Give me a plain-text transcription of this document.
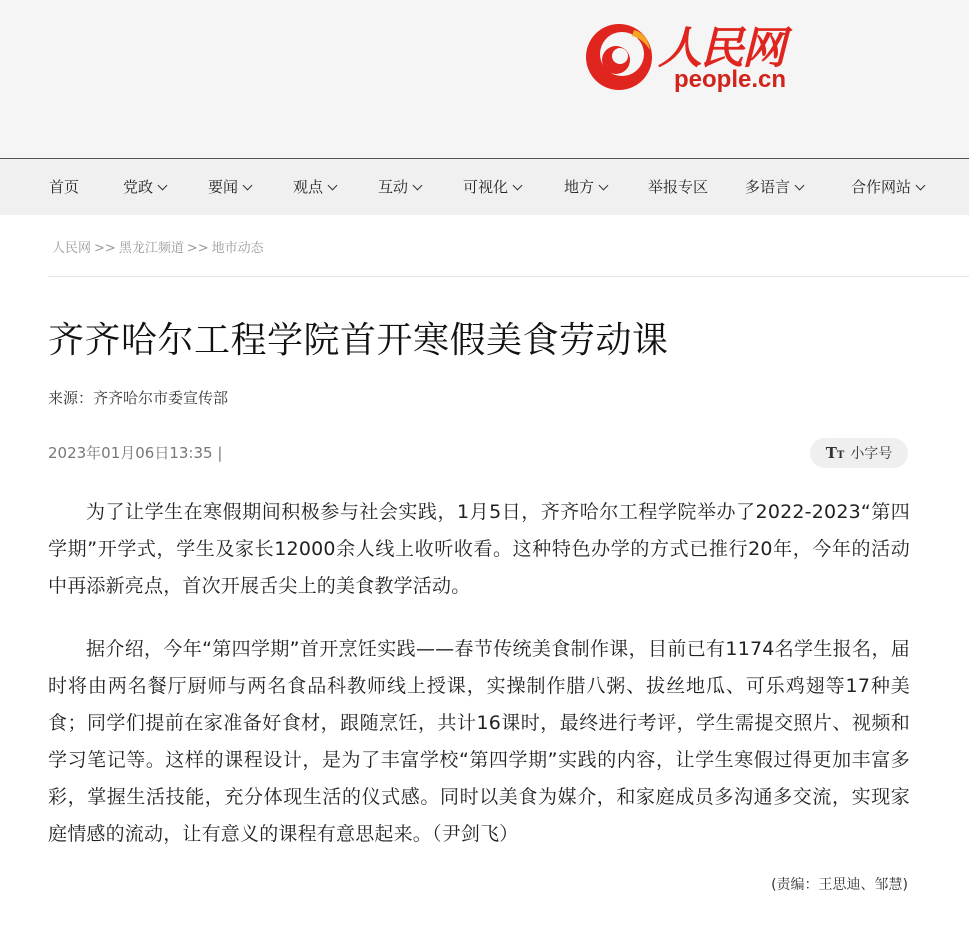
人民网
people.cn
首页	党政	要闻	观点	互动	可视化	地方	举报专区 多语言	合作网站
人民网 >> 黑龙江频道 >> 地市动态
齐齐哈尔工程学院首开寒假美食劳动课
来源：齐齐哈尔市委宣传部
2023年01月06日13:35 |	TT 小字号

为了让学生在寒假期间积极参与社会实践，1月5日，齐齐哈尔工程学院举办了2022-2023“第四学期”开学式，学生及家长12000余人线上收听收看。这种特色办学的方式已推行20年，今年的活动中再添新亮点，首次开展舌尖上的美食教学活动。

据介绍，今年“第四学期”首开烹饪实践——春节传统美食制作课，目前已有1174名学生报名，届时将由两名餐厅厨师与两名食品科教师线上授课，实操制作腊八粥、拔丝地瓜、可乐鸡翅等17种美食；同学们提前在家准备好食材，跟随烹饪，共计16课时，最终进行考评，学生需提交照片、视频和学习笔记等。这样的课程设计，是为了丰富学校“第四学期”实践的内容，让学生寒假过得更加丰富多彩，掌握生活技能，充分体现生活的仪式感。同时以美食为媒介，和家庭成员多沟通多交流，实现家庭情感的流动，让有意义的课程有意思起来。（尹剑飞）

(责编：王思迪、邹慧)
